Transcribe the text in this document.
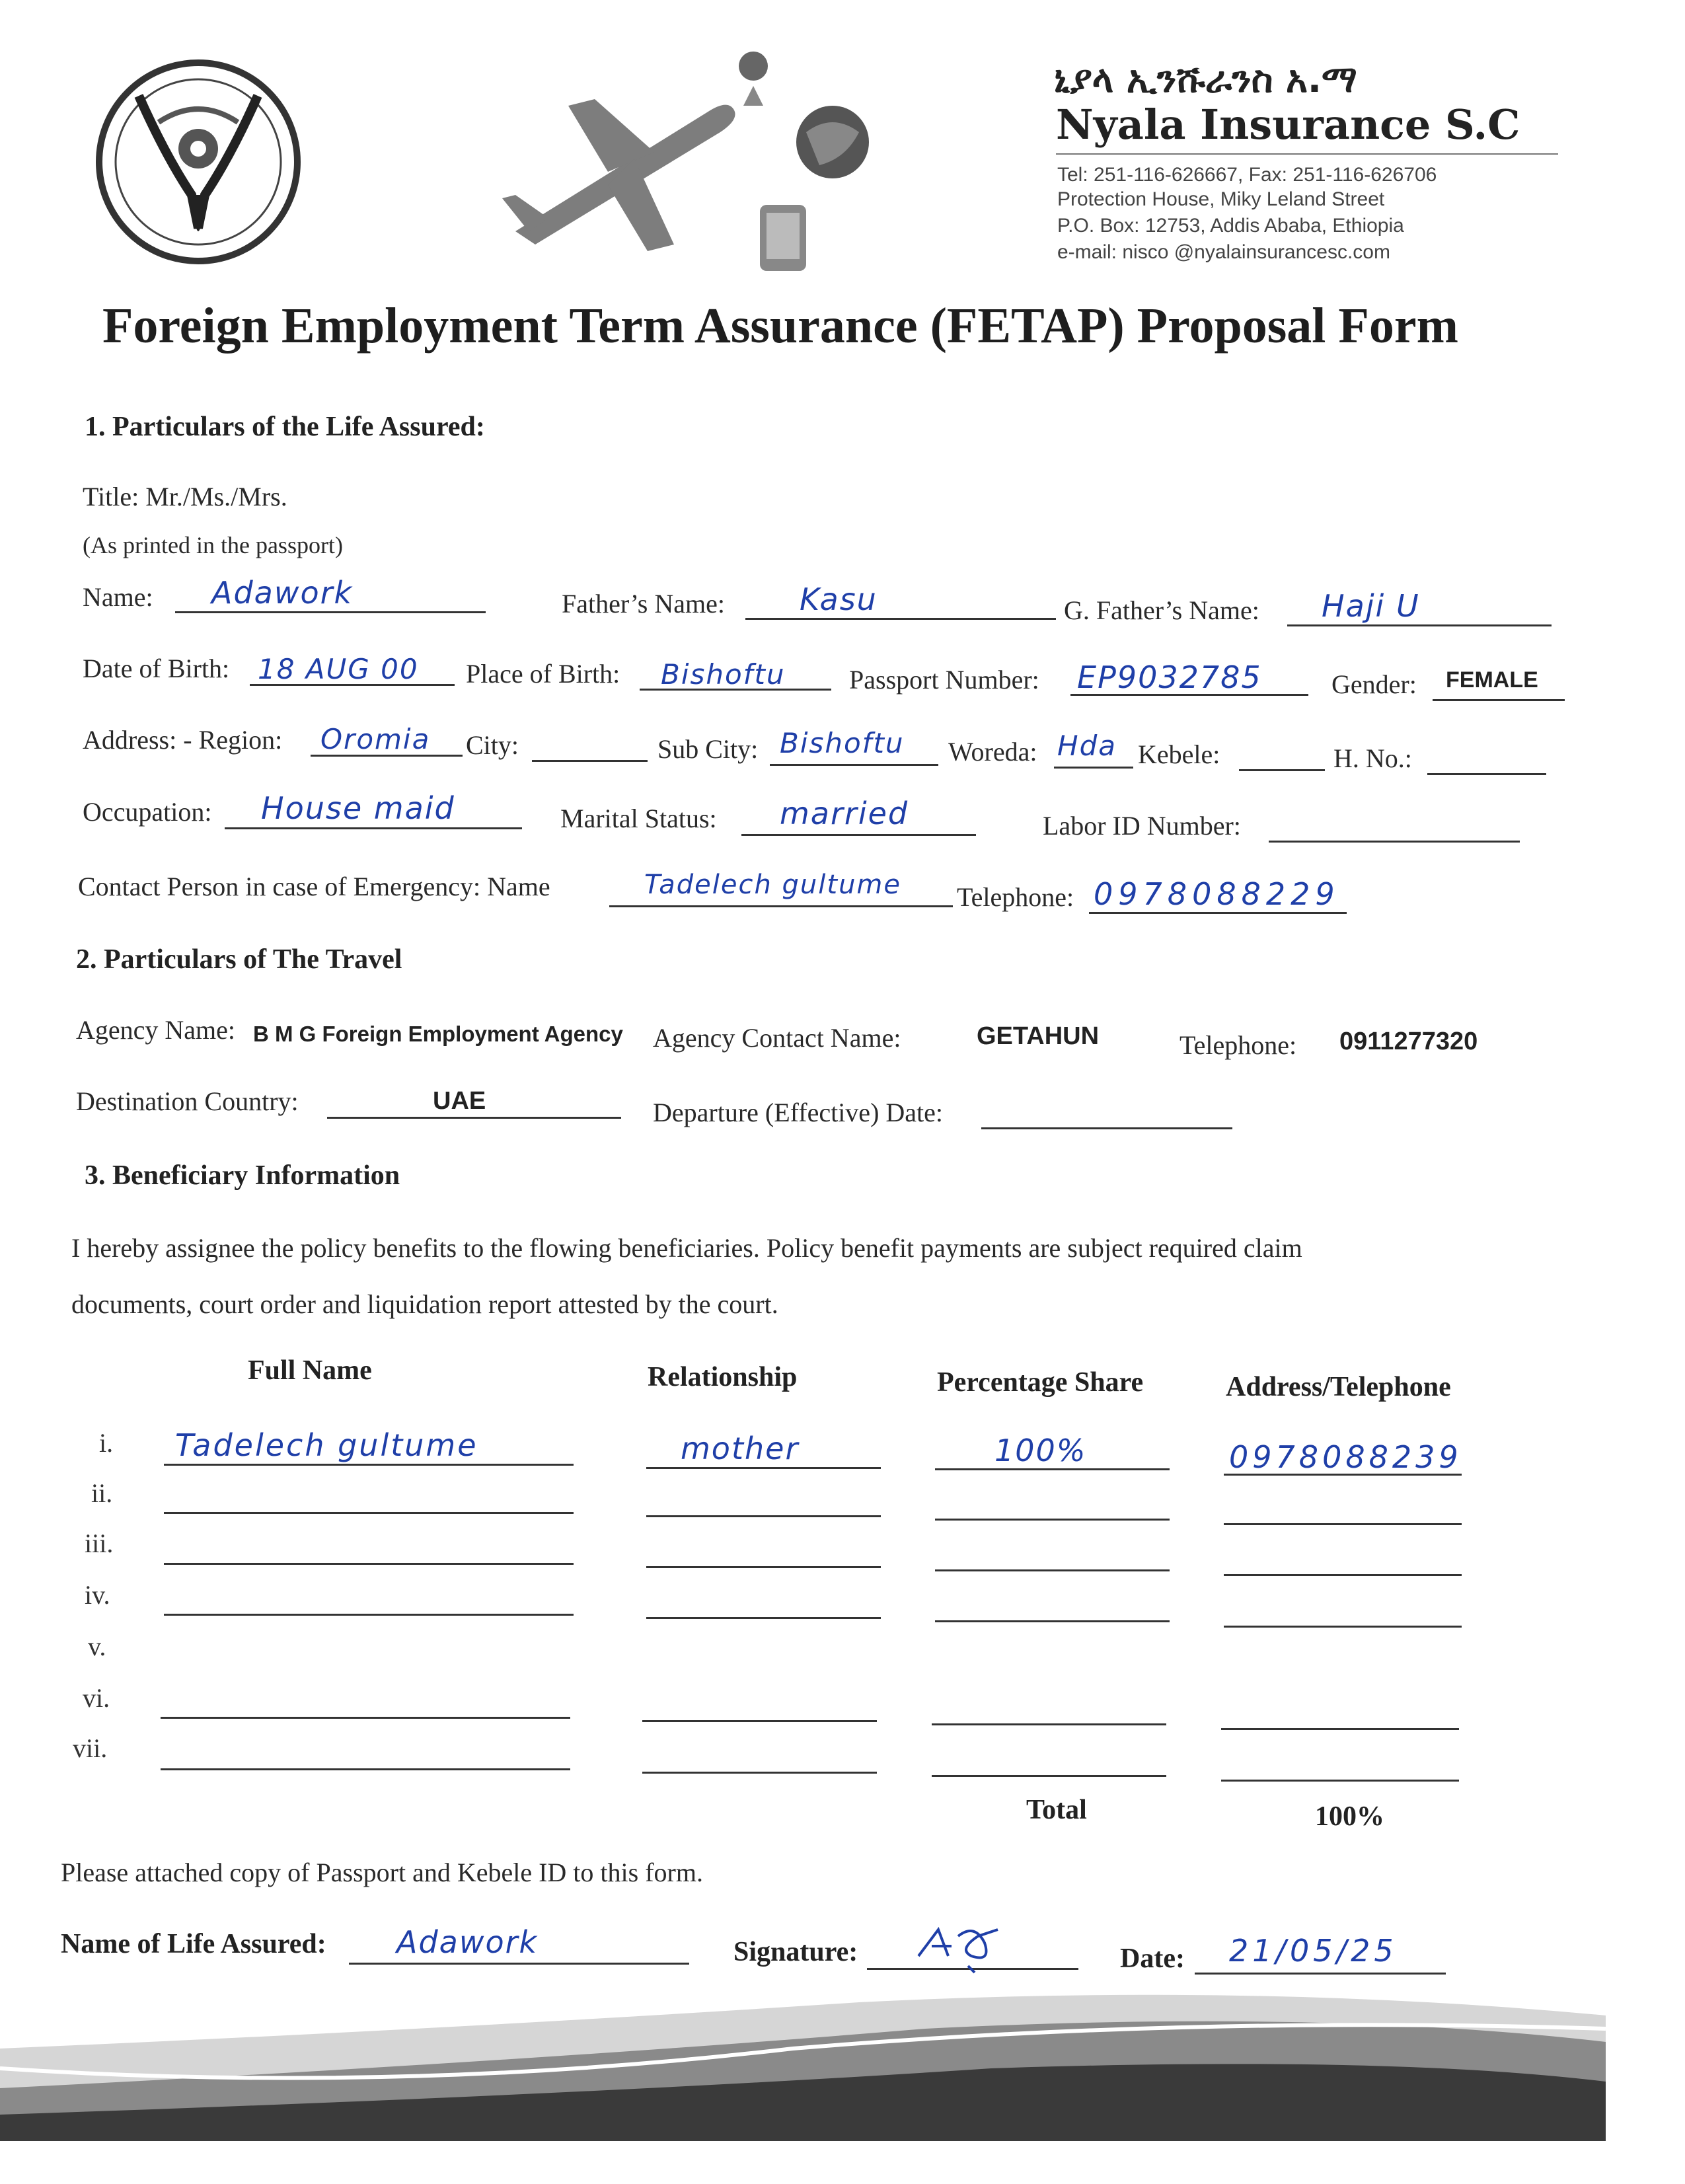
ኒያላ ኢንሹራንስ አ.ማ
Nyala Insurance S.C
Tel: 251-116-626667, Fax: 251-116-626706
Protection House, Miky Leland Street
P.O. Box: 12753, Addis Ababa, Ethiopia
e-mail: nisco @nyalainsurancesc.com
Foreign Employment Term Assurance (FETAP) Proposal Form
1. Particulars of the Life Assured:
Title: Mr./Ms./Mrs.
(As printed in the passport)
Name: Adawork	Father’s Name: Kasu	G. Father’s Name: Haji U
Date of Birth: 18 AUG 00 Place of Birth: Bishoftu Passport Number: EP9032785	Gender: FEMALE
Address: - Region: Oromia City:	Sub City: Bishoftu Woreda: Hda Kebele:	H. No.:
Occupation: House maid	Marital Status: married	Labor ID Number:
Contact Person in case of Emergency: Name	Tadelech gultume Telephone: 0978088229
2. Particulars of The Travel
Agency Name: B M G Foreign Employment Agency Agency Contact Name:	GETAHUN	Telephone: 0911277320
Destination Country:	UAE	Departure (Effective) Date:
3. Beneficiary Information
I hereby assignee the policy benefits to the flowing beneficiaries. Policy benefit payments are subject required claim
documents, court order and liquidation report attested by the court.
Full Name	Relationship	Percentage Share	Address/Telephone
i. Tadelech gultume	mother	100%	0978088239
ii.
iii.
iv.
v.
vi.
vii.
Total	100%
Please attached copy of Passport and Kebele ID to this form.
Name of Life Assured: Adawork	Signature:	Date: 21/05/25
